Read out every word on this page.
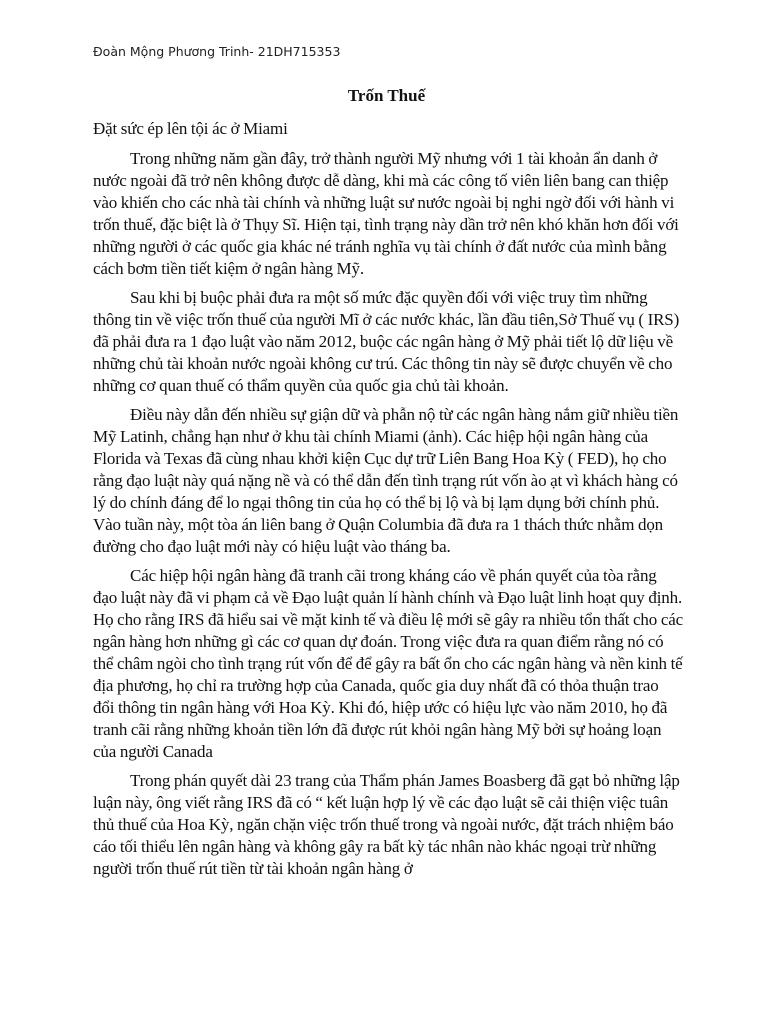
Đoàn Mộng Phương Trinh- 21DH715353
Trốn Thuế

Đặt sức ép lên tội ác ở Miami

Trong những năm gần đây, trở thành người Mỹ nhưng với 1 tài khoản ẩn danh ở nước ngoài đã trở nên không được dễ dàng, khi mà các công tố viên liên bang can thiệp vào khiến cho các nhà tài chính và những luật sư nước ngoài bị nghi ngờ đối với hành vi trốn thuế, đặc biệt là ở Thụy Sĩ. Hiện tại, tình trạng này dần trở nên khó khăn hơn đối với những người ở các quốc gia khác né tránh nghĩa vụ tài chính ở đất nước của mình bằng cách bơm tiền tiết kiệm ở ngân hàng Mỹ.

Sau khi bị buộc phải đưa ra một số mức đặc quyền đối với việc truy tìm những thông tin về việc trốn thuế của người Mĩ ở các nước khác, lần đầu tiên,Sở Thuế vụ ( IRS) đã phải đưa ra 1 đạo luật vào năm 2012, buộc các ngân hàng ở Mỹ phải tiết lộ dữ liệu về những chủ tài khoản nước ngoài không cư trú. Các thông tin này sẽ được chuyển về cho những cơ quan thuế có thẩm quyền của quốc gia chủ tài khoản.

Điều này dẫn đến nhiều sự giận dữ và phẫn nộ từ các ngân hàng nắm giữ nhiều tiền Mỹ Latinh, chẳng hạn như ở khu tài chính Miami (ảnh). Các hiệp hội ngân hàng của Florida và Texas đã cùng nhau khởi kiện Cục dự trữ Liên Bang Hoa Kỳ ( FED), họ cho rằng đạo luật này quá nặng nề và có thể dẫn đến tình trạng rút vốn ào ạt vì khách hàng có lý do chính đáng để lo ngại thông tin của họ có thể bị lộ và bị lạm dụng bởi chính phủ. Vào tuần này, một tòa án liên bang ở Quận Columbia đã đưa ra 1 thách thức nhằm dọn đường cho đạo luật mới này có hiệu luật vào tháng ba.

Các hiệp hội ngân hàng đã tranh cãi trong kháng cáo về phán quyết của tòa rằng đạo luật này đã vi phạm cả về Đạo luật quản lí hành chính và Đạo luật linh hoạt quy định. Họ cho rằng IRS đã hiểu sai về mặt kinh tế và điều lệ mới sẽ gây ra nhiều tổn thất cho các ngân hàng hơn những gì các cơ quan dự đoán. Trong việc đưa ra quan điểm rằng nó có thể châm ngòi cho tình trạng rút vốn để để gây ra bất ổn cho các ngân hàng và nền kinh tế địa phương, họ chỉ ra trường hợp của Canada, quốc gia duy nhất đã có thỏa thuận trao đổi thông tin ngân hàng với Hoa Kỳ. Khi đó, hiệp ước có hiệu lực vào năm 2010, họ đã tranh cãi rằng những khoản tiền lớn đã được rút khỏi ngân hàng Mỹ bởi sự hoảng loạn của người Canada

Trong phán quyết dài 23 trang của Thẩm phán James Boasberg đã gạt bỏ những lập luận này, ông viết rằng IRS đã có “ kết luận hợp lý về các đạo luật sẽ cải thiện việc tuân thủ thuế của Hoa Kỳ, ngăn chặn việc trốn thuế trong và ngoài nước, đặt trách nhiệm báo cáo tối thiểu lên ngân hàng và không gây ra bất kỳ tác nhân nào khác ngoại trừ những người trốn thuế rút tiền từ tài khoản ngân hàng ở
